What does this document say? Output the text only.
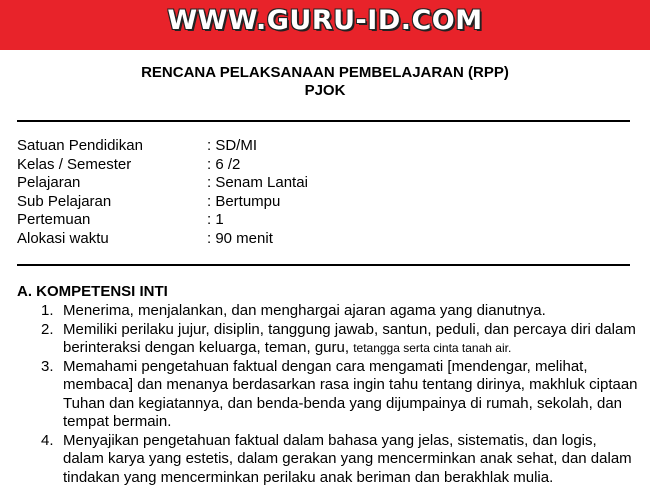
WWW.GURU-ID.COM
RENCANA PELAKSANAAN PEMBELAJARAN (RPP)
PJOK
Satuan Pendidikan	: SD/MI
Kelas / Semester	: 6 /2
Pelajaran	: Senam Lantai
Sub Pelajaran	: Bertumpu
Pertemuan	: 1
Alokasi waktu	: 90 menit
A. KOMPETENSI INTI
1. Menerima, menjalankan, dan menghargai ajaran agama yang dianutnya.
2. Memiliki perilaku jujur, disiplin, tanggung jawab, santun, peduli, dan percaya diri dalam berinteraksi dengan keluarga, teman, guru, tetangga serta cinta tanah air.
3. Memahami pengetahuan faktual dengan cara mengamati [mendengar, melihat, membaca] dan menanya berdasarkan rasa ingin tahu tentang dirinya, makhluk ciptaan Tuhan dan kegiatannya, dan benda-benda yang dijumpainya di rumah, sekolah, dan tempat bermain.
4. Menyajikan pengetahuan faktual dalam bahasa yang jelas, sistematis, dan logis, dalam karya yang estetis, dalam gerakan yang mencerminkan anak sehat, dan dalam tindakan yang mencerminkan perilaku anak beriman dan berakhlak mulia.
